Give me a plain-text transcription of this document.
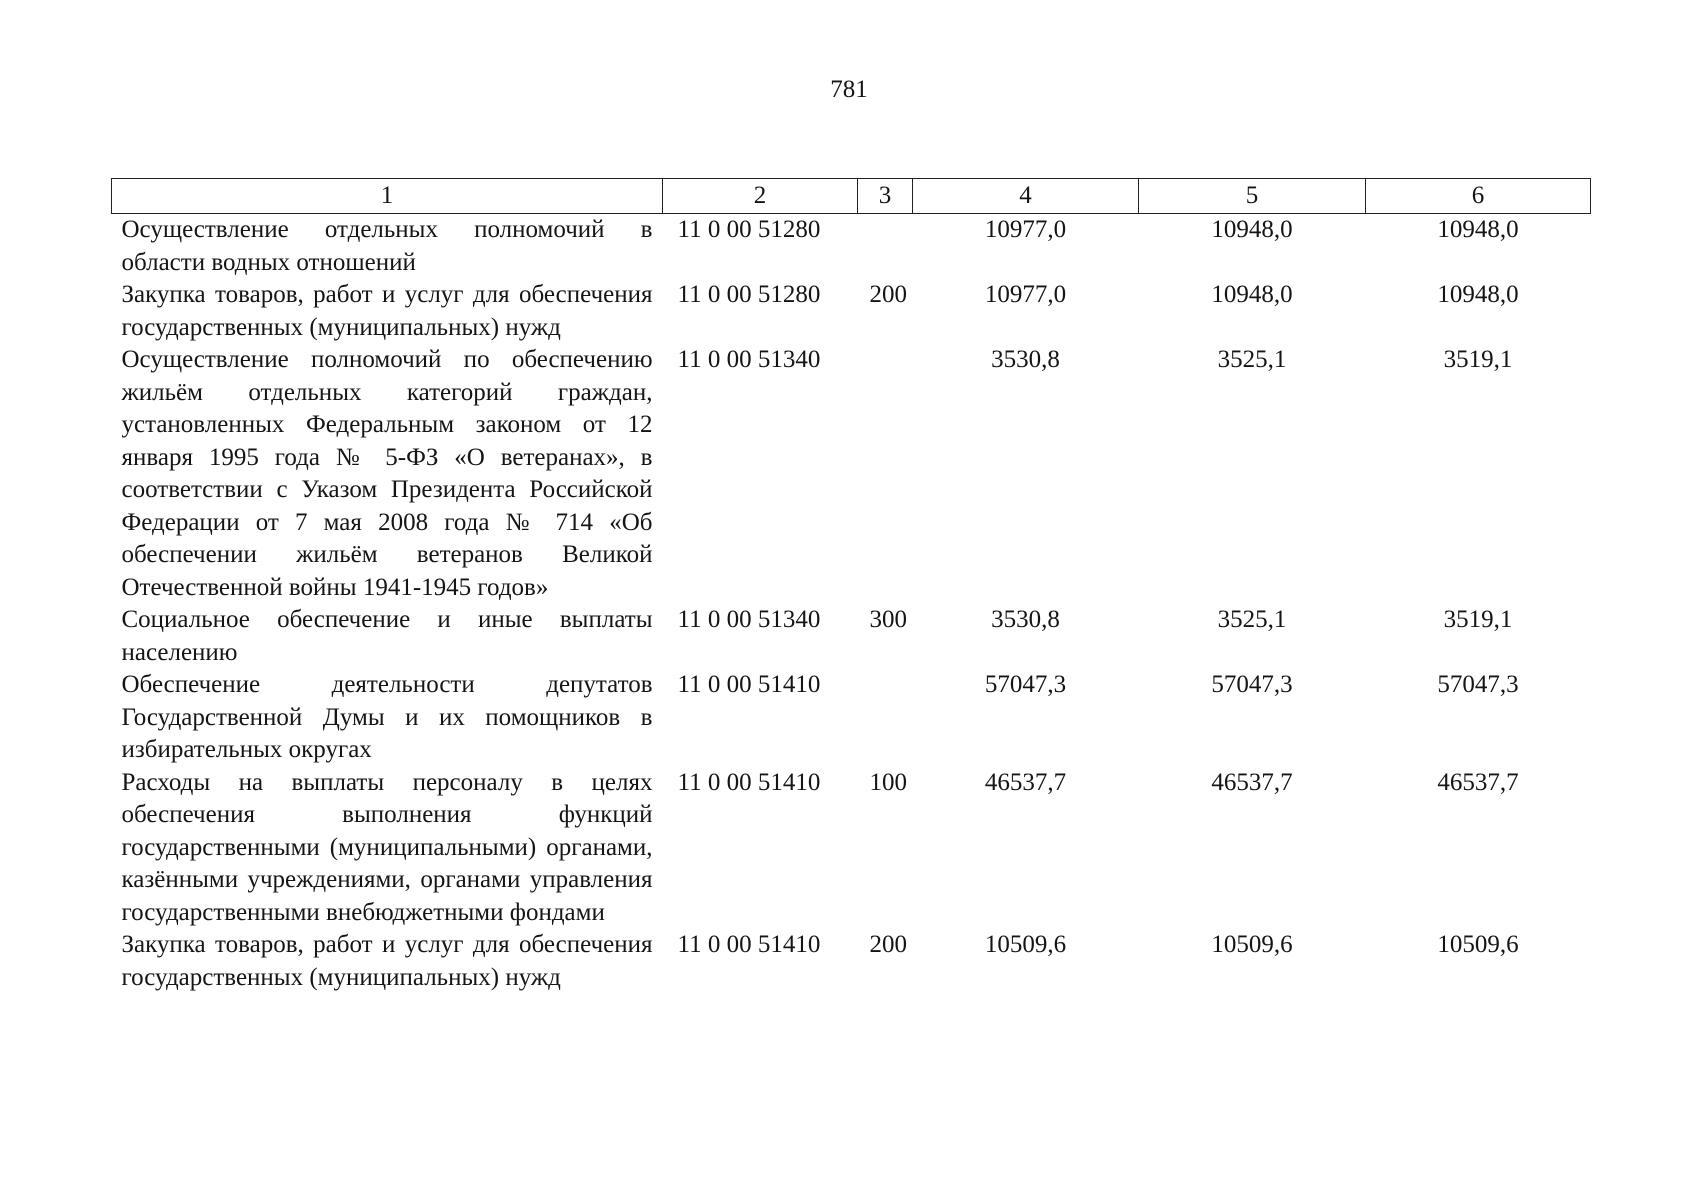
781
1	2	3	4	5	6
Осуществление отдельных полномочий в области водных отношений	11 0 00 51280		10977,0	10948,0	10948,0
Закупка товаров, работ и услуг для обеспечения государственных (муниципальных) нужд	11 0 00 51280	200	10977,0	10948,0	10948,0
Осуществление полномочий по обеспечению жильём отдельных категорий граждан, установленных Федеральным законом от 12 января 1995 года № 5-ФЗ «О ветеранах», в соответствии с Указом Президента Российской Федерации от 7 мая 2008 года № 714 «Об обеспечении жильём ветеранов Великой Отечественной войны 1941-1945 годов»	11 0 00 51340		3530,8	3525,1	3519,1
Социальное обеспечение и иные выплаты населению	11 0 00 51340	300	3530,8	3525,1	3519,1
Обеспечение деятельности депутатов Государственной Думы и их помощников в избирательных округах	11 0 00 51410		57047,3	57047,3	57047,3
Расходы на выплаты персоналу в целях обеспечения выполнения функций государственными (муниципальными) органами, казёнными учреждениями, органами управления государственными внебюджетными фондами	11 0 00 51410	100	46537,7	46537,7	46537,7
Закупка товаров, работ и услуг для обеспечения государственных (муниципальных) нужд	11 0 00 51410	200	10509,6	10509,6	10509,6
